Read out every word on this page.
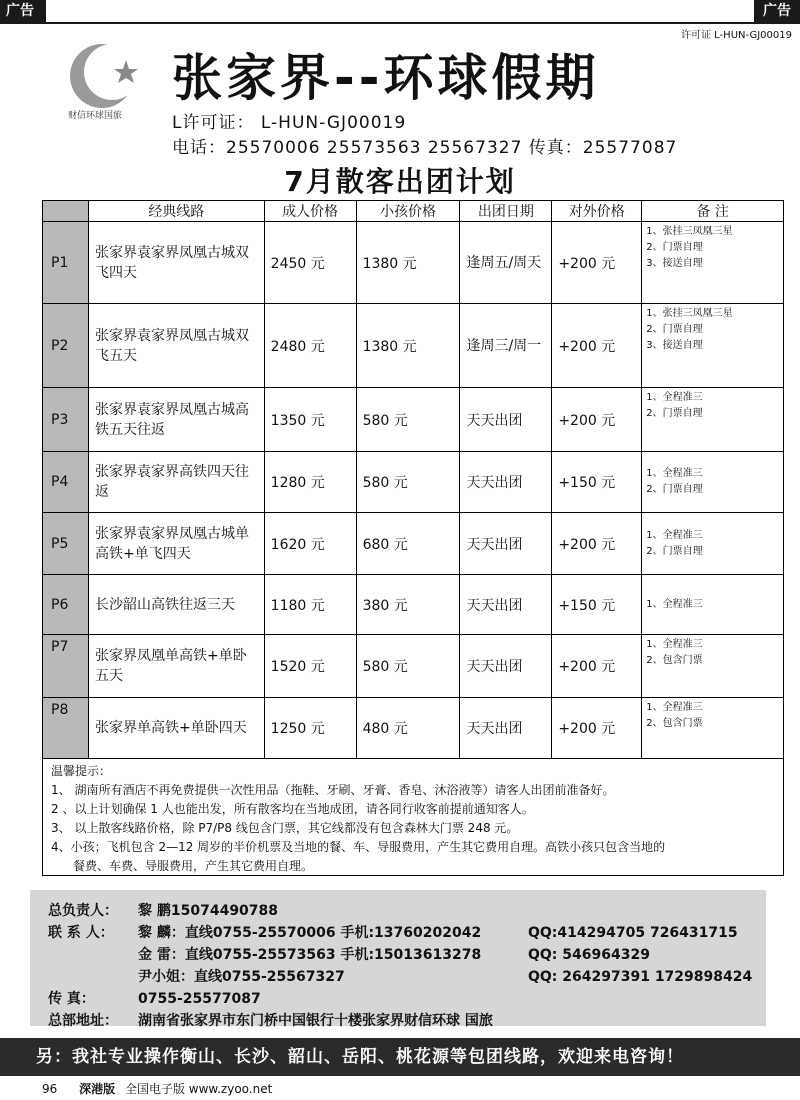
广告	广告
许可证 L-HUN-GJ00019
财信环球国旅
张家界--环球假期
L许可证： L-HUN-GJ00019
电话：25570006 25573563 25567327 传真：25577087
7月散客出团计划
	经典线路	成人价格	小孩价格	出团日期	对外价格	备 注
P1	张家界袁家界凤凰古城双飞四天	2450 元	1380 元	逢周五/周天	+200 元	1、张挂三凤凰三星
2、门票自理
3、接送自理

P2	张家界袁家界凤凰古城双飞五天	2480 元	1380 元	逢周三/周一	+200 元	1、张挂三凤凰三星
2、门票自理
3、接送自理

P3	张家界袁家界凤凰古城高铁五天往返	1350 元	580 元	天天出团	+200 元	1、全程准三
2、门票自理

P4	张家界袁家界高铁四天往返	1280 元	580 元	天天出团	+150 元	1、全程准三
2、门票自理

P5	张家界袁家界凤凰古城单高铁+单飞四天	1620 元	680 元	天天出团	+200 元	1、全程准三
2、门票自理

P6	长沙韶山高铁往返三天	1180 元	380 元	天天出团	+150 元	1、全程准三

P7	张家界凤凰单高铁+单卧五天	1520 元	580 元	天天出团	+200 元	1、全程准三
2、包含门票

P8	张家界单高铁+单卧四天	1250 元	480 元	天天出团	+200 元	1、全程准三
2、包含门票
温馨提示：
1、 湖南所有酒店不再免费提供一次性用品（拖鞋、牙刷、牙膏、香皂、沐浴液等）请客人出团前准备好。
2 、以上计划确保 1 人也能出发，所有散客均在当地成团，请各同行收客前提前通知客人。
3、 以上散客线路价格，除 P7/P8 线包含门票，其它线都没有包含森林大门票 248 元。
4、小孩；飞机包含 2—12 周岁的半价机票及当地的餐、车、导服费用，产生其它费用自理。高铁小孩只包含当地的
餐费、车费、导服费用，产生其它费用自理。
总负责人： 黎 鹏15074490788
联 系 人： 黎 麟：直线0755-25570006 手机:13760202042	QQ:414294705 726431715
金 雷：直线0755-25573563 手机:15013613278	QQ: 546964329
尹小姐：直线0755-25567327	QQ: 264297391 1729898424
传 真：	0755-25577087
总部地址： 湖南省张家界市东门桥中国银行十楼张家界财信环球 国旅
另：我社专业操作衡山、长沙、韶山、岳阳、桃花源等包团线路，欢迎来电咨询！
96 深港版 全国电子版 www.zyoo.net
